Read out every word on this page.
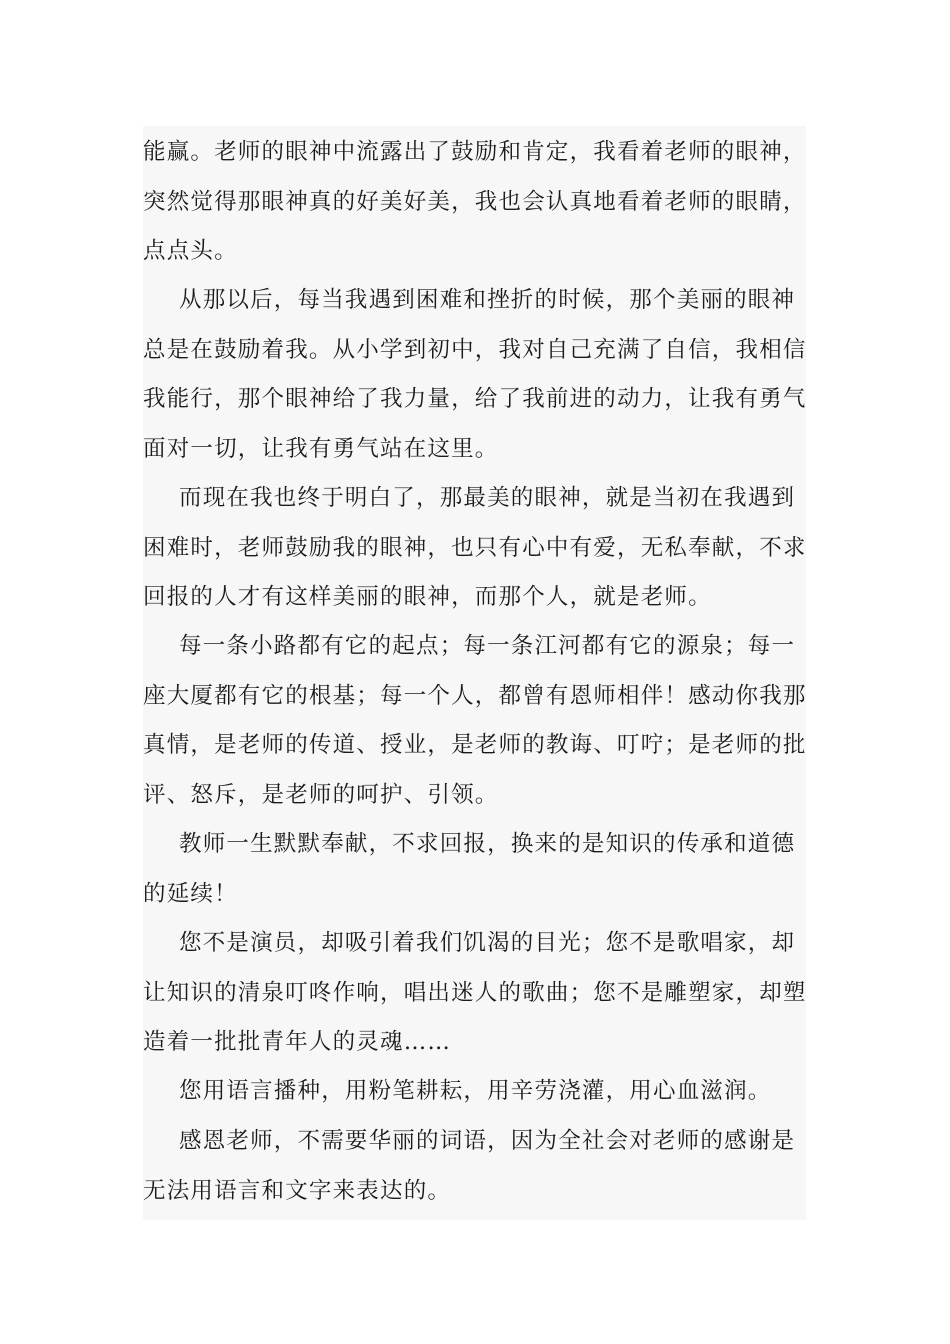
能赢。老师的眼神中流露出了鼓励和肯定，我看着老师的眼神，突然觉得那眼神真的好美好美，我也会认真地看着老师的眼睛，点点头。

从那以后，每当我遇到困难和挫折的时候，那个美丽的眼神总是在鼓励着我。从小学到初中，我对自己充满了自信，我相信我能行，那个眼神给了我力量，给了我前进的动力，让我有勇气面对一切，让我有勇气站在这里。

而现在我也终于明白了，那最美的眼神，就是当初在我遇到困难时，老师鼓励我的眼神，也只有心中有爱，无私奉献，不求回报的人才有这样美丽的眼神，而那个人，就是老师。

每一条小路都有它的起点；每一条江河都有它的源泉；每一座大厦都有它的根基；每一个人，都曾有恩师相伴！感动你我那真情，是老师的传道、授业，是老师的教诲、叮咛；是老师的批评、怒斥，是老师的呵护、引领。

教师一生默默奉献，不求回报，换来的是知识的传承和道德的延续！

您不是演员，却吸引着我们饥渴的目光；您不是歌唱家，却让知识的清泉叮咚作响，唱出迷人的歌曲；您不是雕塑家，却塑造着一批批青年人的灵魂……

您用语言播种，用粉笔耕耘，用辛劳浇灌，用心血滋润。

感恩老师，不需要华丽的词语，因为全社会对老师的感谢是无法用语言和文字来表达的。
